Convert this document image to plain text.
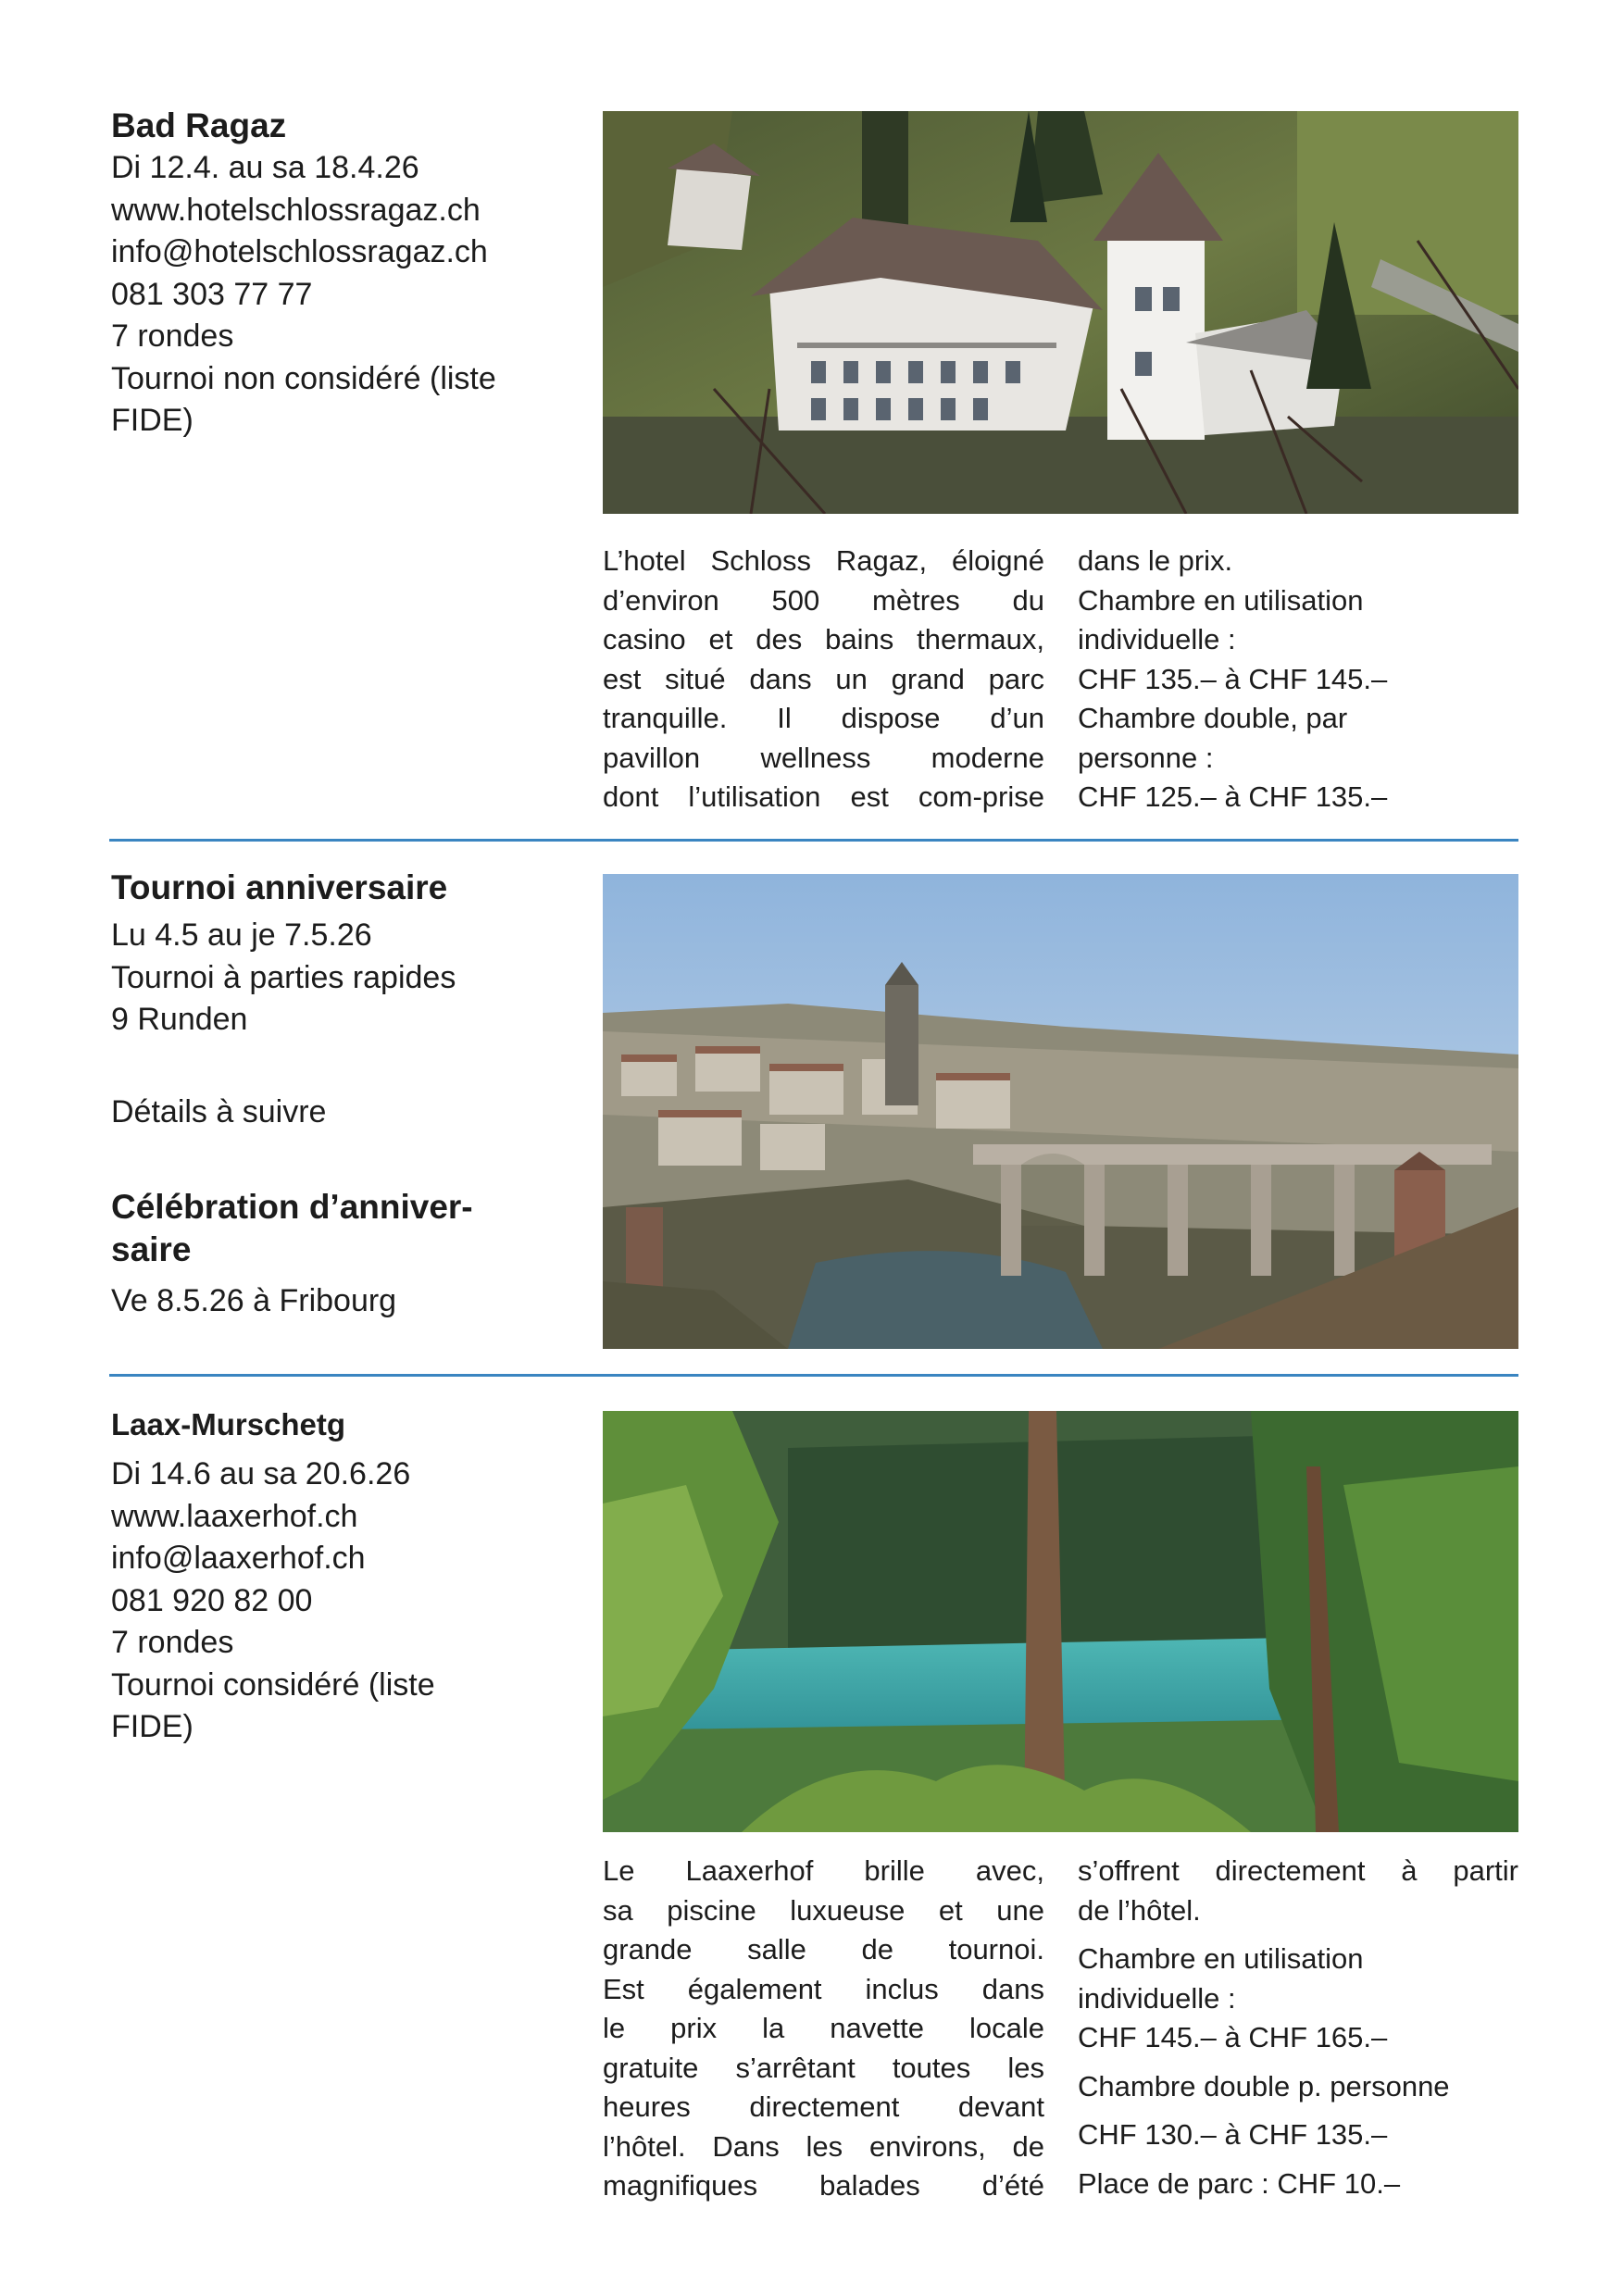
Bad Ragaz

Di 12.4. au sa 18.4.26

www.hotelschlossragaz.ch

info@hotelschlossragaz.ch

081 303 77 77

7 rondes

Tournoi non considéré (liste
FIDE)

L’hotel Schloss Ragaz, éloigné

d’environ 500 mètres du

casino et des bains thermaux,

est situé dans un grand parc

tranquille. Il dispose d’un

pavillon wellness moderne

dont l’utilisation est com-prise

dans le prix.

Chambre en utilisation

individuelle :

CHF 135.– à CHF 145.–

Chambre double, par

personne :

CHF 125.– à CHF 135.–

Tournoi anniversaire

Lu 4.5 au je 7.5.26

Tournoi à parties rapides

9 Runden

Détails à suivre

Célébration d’anniver-
saire

Ve 8.5.26 à Fribourg

Laax-Murschetg

Di 14.6 au sa 20.6.26

www.laaxerhof.ch

info@laaxerhof.ch

081 920 82 00

7 rondes

Tournoi considéré (liste
FIDE)

Le Laaxerhof brille avec,

sa piscine luxueuse et une

grande salle de tournoi.

Est également inclus dans

le prix la navette locale

gratuite s’arrêtant toutes les

heures directement devant

l’hôtel. Dans les environs, de

magnifiques balades d’été

s’offrent directement à partir

de l’hôtel.

Chambre en utilisation

individuelle :

CHF 145.– à CHF 165.–

Chambre double p. personne

CHF 130.– à CHF 135.–

Place de parc : CHF 10.–
